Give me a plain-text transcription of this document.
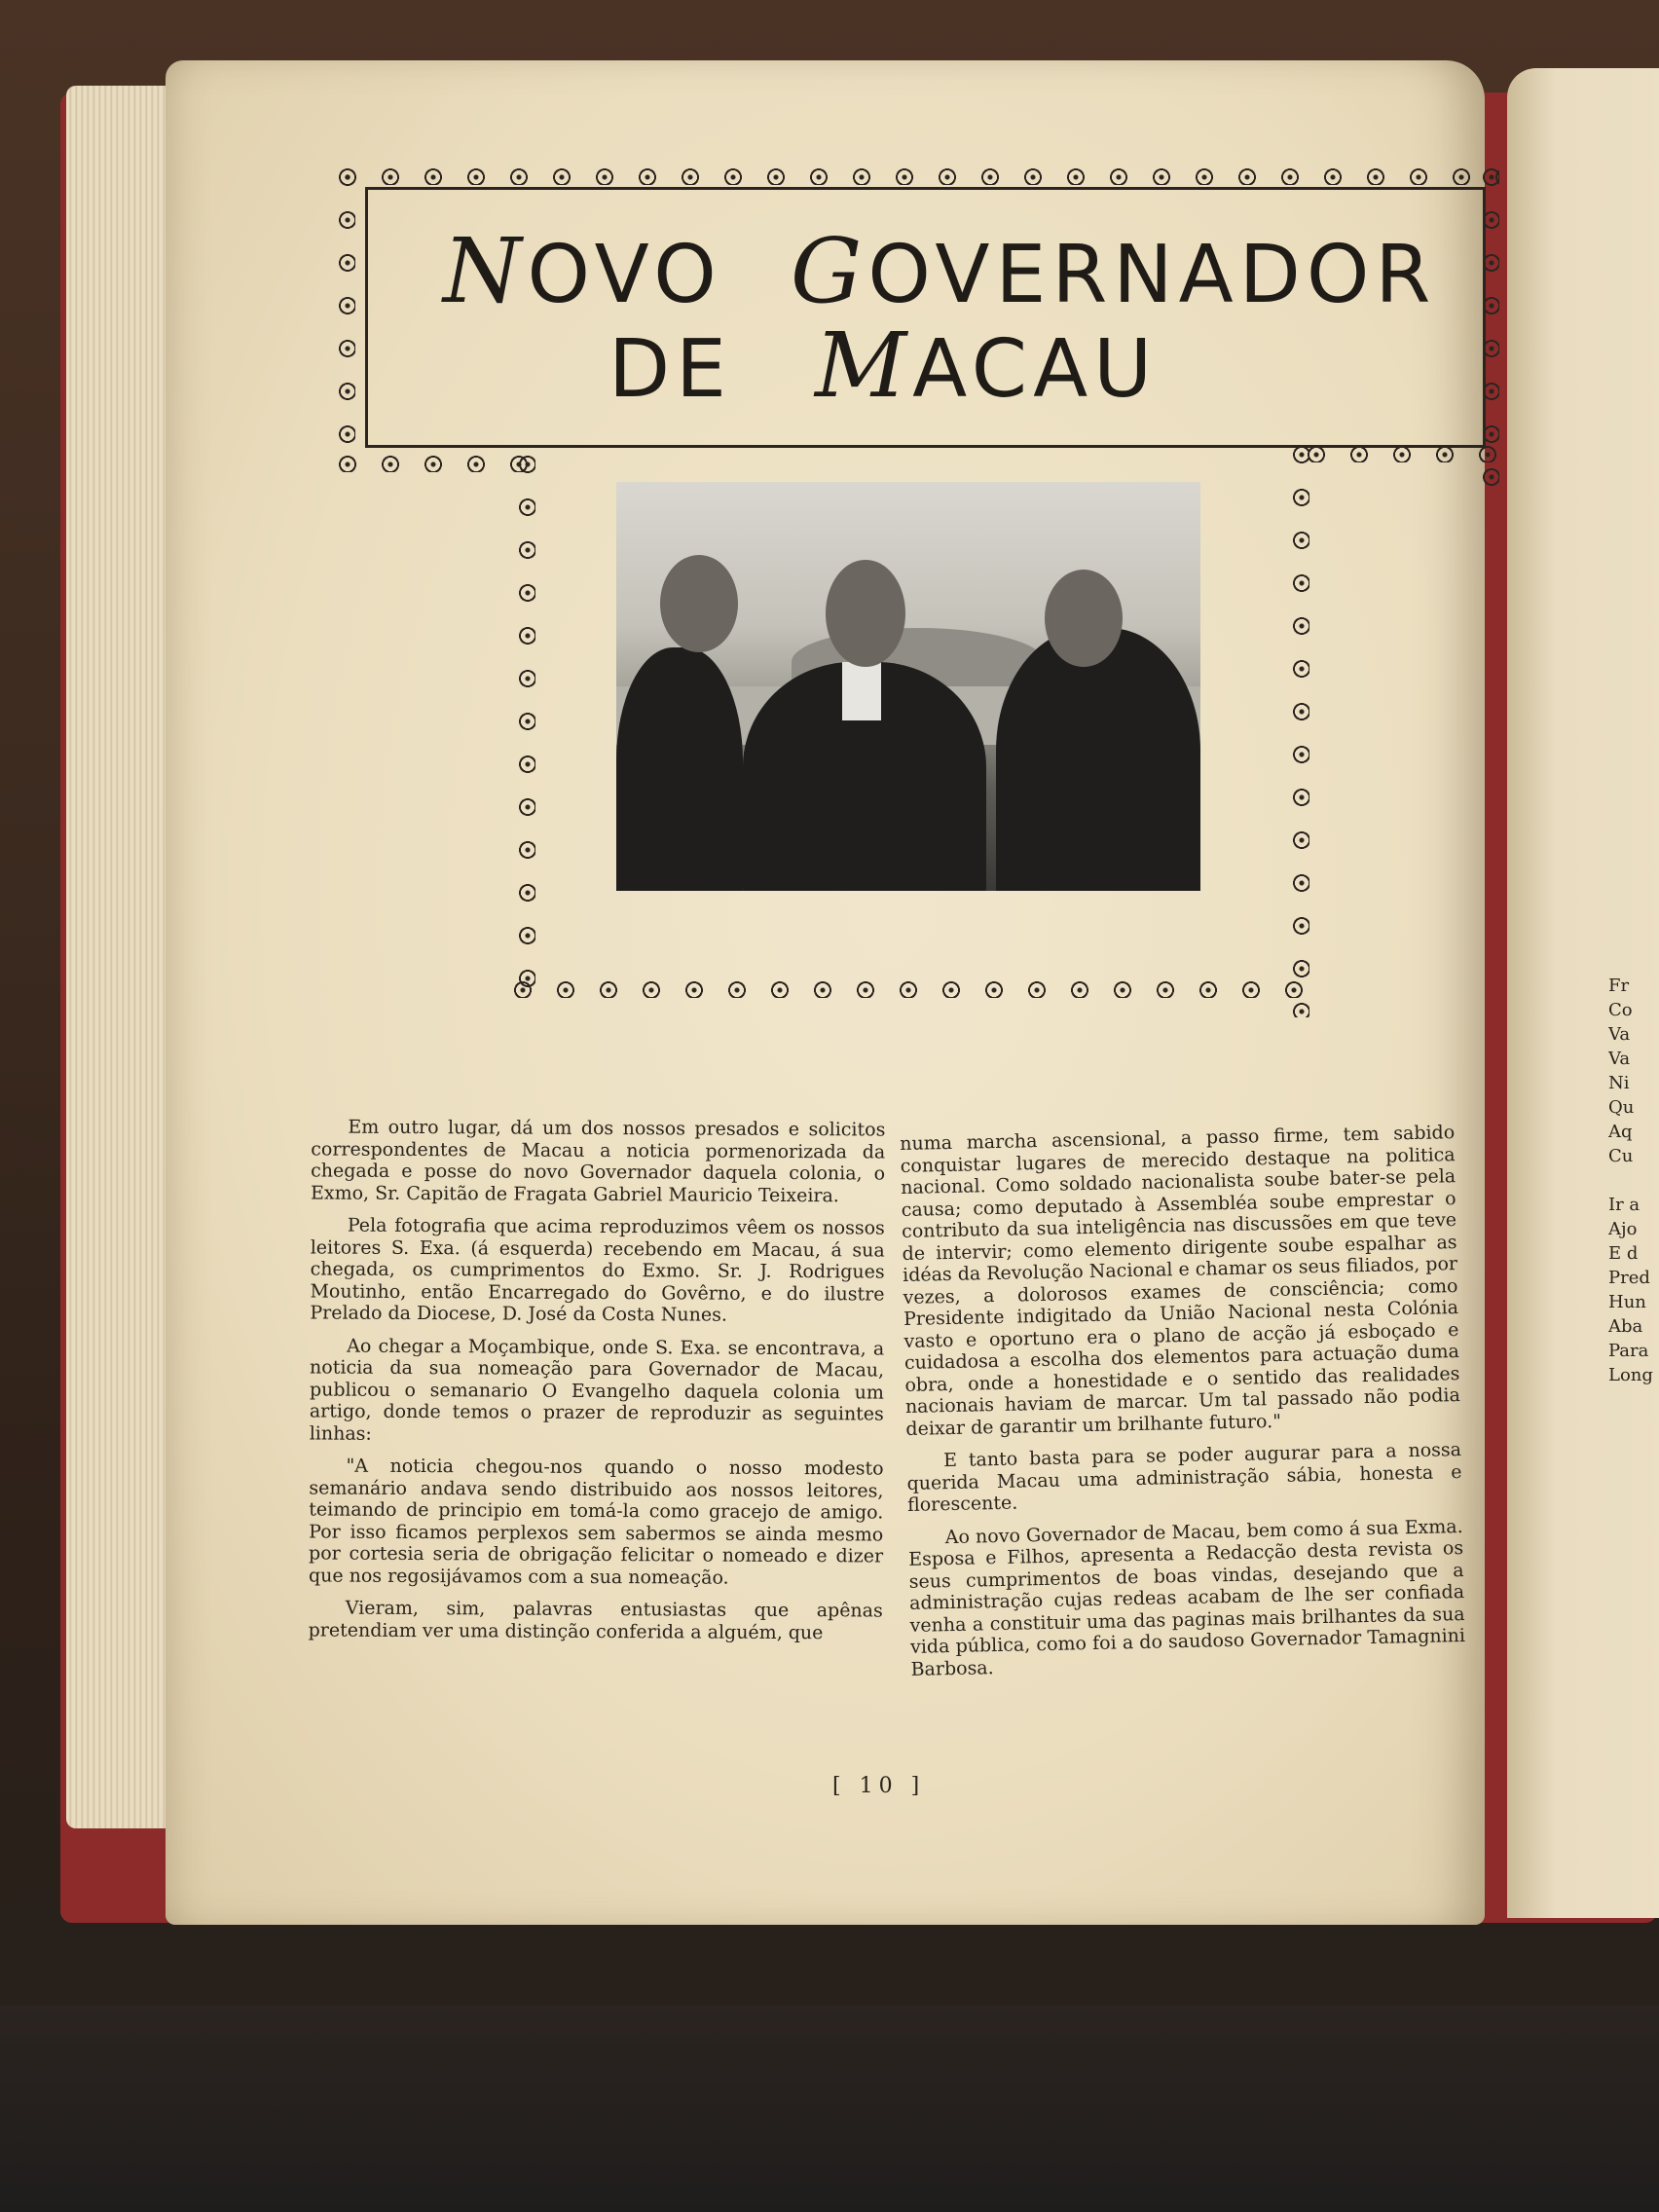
Fr
Co
Va
Va
Ni
Qu
Aq
Cu
Ir a
Ajo
E d
Pred
Hun
Aba
Para
Long
NOVO GOVERNADOR
DE MACAU

Em outro lugar, dá um dos nossos presados e solicitos correspondentes de Macau a noticia pormenorizada da chegada e posse do novo Governador daquela colonia, o Exmo, Sr. Capitão de Fragata Gabriel Mauricio Teixeira.

Pela fotografia que acima reproduzimos vêem os nossos leitores S. Exa. (á esquerda) recebendo em Macau, á sua chegada, os cumprimentos do Exmo. Sr. J. Rodrigues Moutinho, então Encarregado do Govêrno, e do ilustre Prelado da Diocese, D. José da Costa Nunes.

Ao chegar a Moçambique, onde S. Exa. se encontrava, a noticia da sua nomeação para Governador de Macau, publicou o semanario O Evangelho daquela colonia um artigo, donde temos o prazer de reproduzir as seguintes linhas:

"A noticia chegou-nos quando o nosso modesto semanário andava sendo distribuido aos nossos leitores, teimando de principio em tomá-la como gracejo de amigo. Por isso ficamos perplexos sem sabermos se ainda mesmo por cortesia seria de obrigação felicitar o nomeado e dizer que nos regosijávamos com a sua nomeação.

Vieram, sim, palavras entusiastas que apênas pretendiam ver uma distinção conferida a alguém, que

numa marcha ascensional, a passo firme, tem sabido conquistar lugares de merecido destaque na politica nacional. Como soldado nacionalista soube bater-se pela causa; como deputado à Assembléa soube emprestar o contributo da sua inteligência nas discussões em que teve de intervir; como elemento dirigente soube espalhar as idéas da Revolução Nacional e chamar os seus filiados, por vezes, a dolorosos exames de consciência; como Presidente indigitado da União Nacional nesta Colónia vasto e oportuno era o plano de acção já esboçado e cuidadosa a escolha dos elementos para actuação duma obra, onde a honestidade e o sentido das realidades nacionais haviam de marcar. Um tal passado não podia deixar de garantir um brilhante futuro."

E tanto basta para se poder augurar para a nossa querida Macau uma administração sábia, honesta e florescente.

Ao novo Governador de Macau, bem como á sua Exma. Esposa e Filhos, apresenta a Redacção desta revista os seus cumprimentos de boas vindas, desejando que a administração cujas redeas acabam de lhe ser confiada venha a constituir uma das paginas mais brilhantes da sua vida pública, como foi a do saudoso Governador Tamagnini Barbosa.

[ 10 ]
